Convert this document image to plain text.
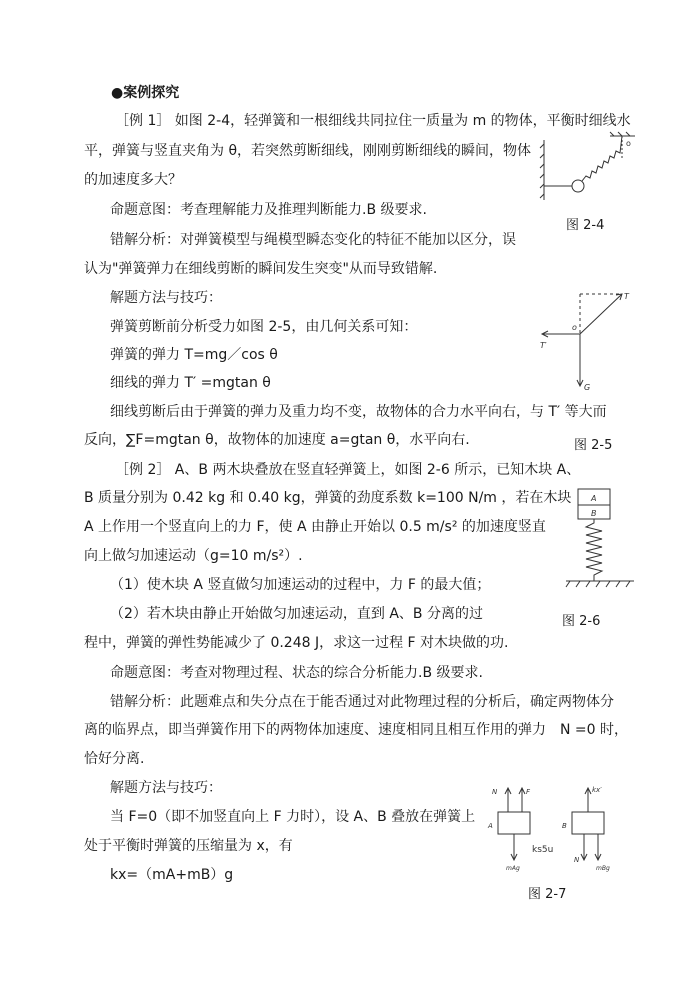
●案例探究
［例 1］ 如图 2-4，轻弹簧和一根细线共同拉住一质量为 m 的物体，平衡时细线水
平，弹簧与竖直夹角为 θ，若突然剪断细线，刚刚剪断细线的瞬间，物体
的加速度多大？
命题意图：考查理解能力及推理判断能力.B 级要求.
错解分析：对弹簧模型与绳模型瞬态变化的特征不能加以区分，误
认为"弹簧弹力在细线剪断的瞬间发生突变"从而导致错解.
解题方法与技巧：
弹簧剪断前分析受力如图 2-5，由几何关系可知：
弹簧的弹力 T=mg／cos θ
细线的弹力 T′ =mgtan θ
细线剪断后由于弹簧的弹力及重力均不变，故物体的合力水平向右，与 T′ 等大而
反向，∑F=mgtan θ，故物体的加速度 a=gtan θ，水平向右.
［例 2］ A、B 两木块叠放在竖直轻弹簧上，如图 2-6 所示，已知木块 A、
B 质量分别为 0.42 kg 和 0.40 kg，弹簧的劲度系数 k=100 N/m ，若在木块
A 上作用一个竖直向上的力 F，使 A 由静止开始以 0.5 m/s² 的加速度竖直
向上做匀加速运动（g=10 m/s²）.
（1）使木块 A 竖直做匀加速运动的过程中，力 F 的最大值；
（2）若木块由静止开始做匀加速运动，直到 A、B 分离的过
程中，弹簧的弹性势能减少了 0.248 J，求这一过程 F 对木块做的功.
命题意图：考查对物理过程、状态的综合分析能力.B 级要求.
错解分析：此题难点和失分点在于能否通过对此物理过程的分析后，确定两物体分
离的临界点，即当弹簧作用下的两物体加速度、速度相同且相互作用的弹力　N =0 时，
恰好分离.
解题方法与技巧：
当 F=0（即不加竖直向上 F 力时），设 A、B 叠放在弹簧上
处于平衡时弹簧的压缩量为 x，有
kx=（mA+mB）g
o
图 2-4
T
T′
o
G
图 2-5
A
B
图 2-6
N	F
A
mAg
kx′
B
N
mBg
ks5u
图 2-7
